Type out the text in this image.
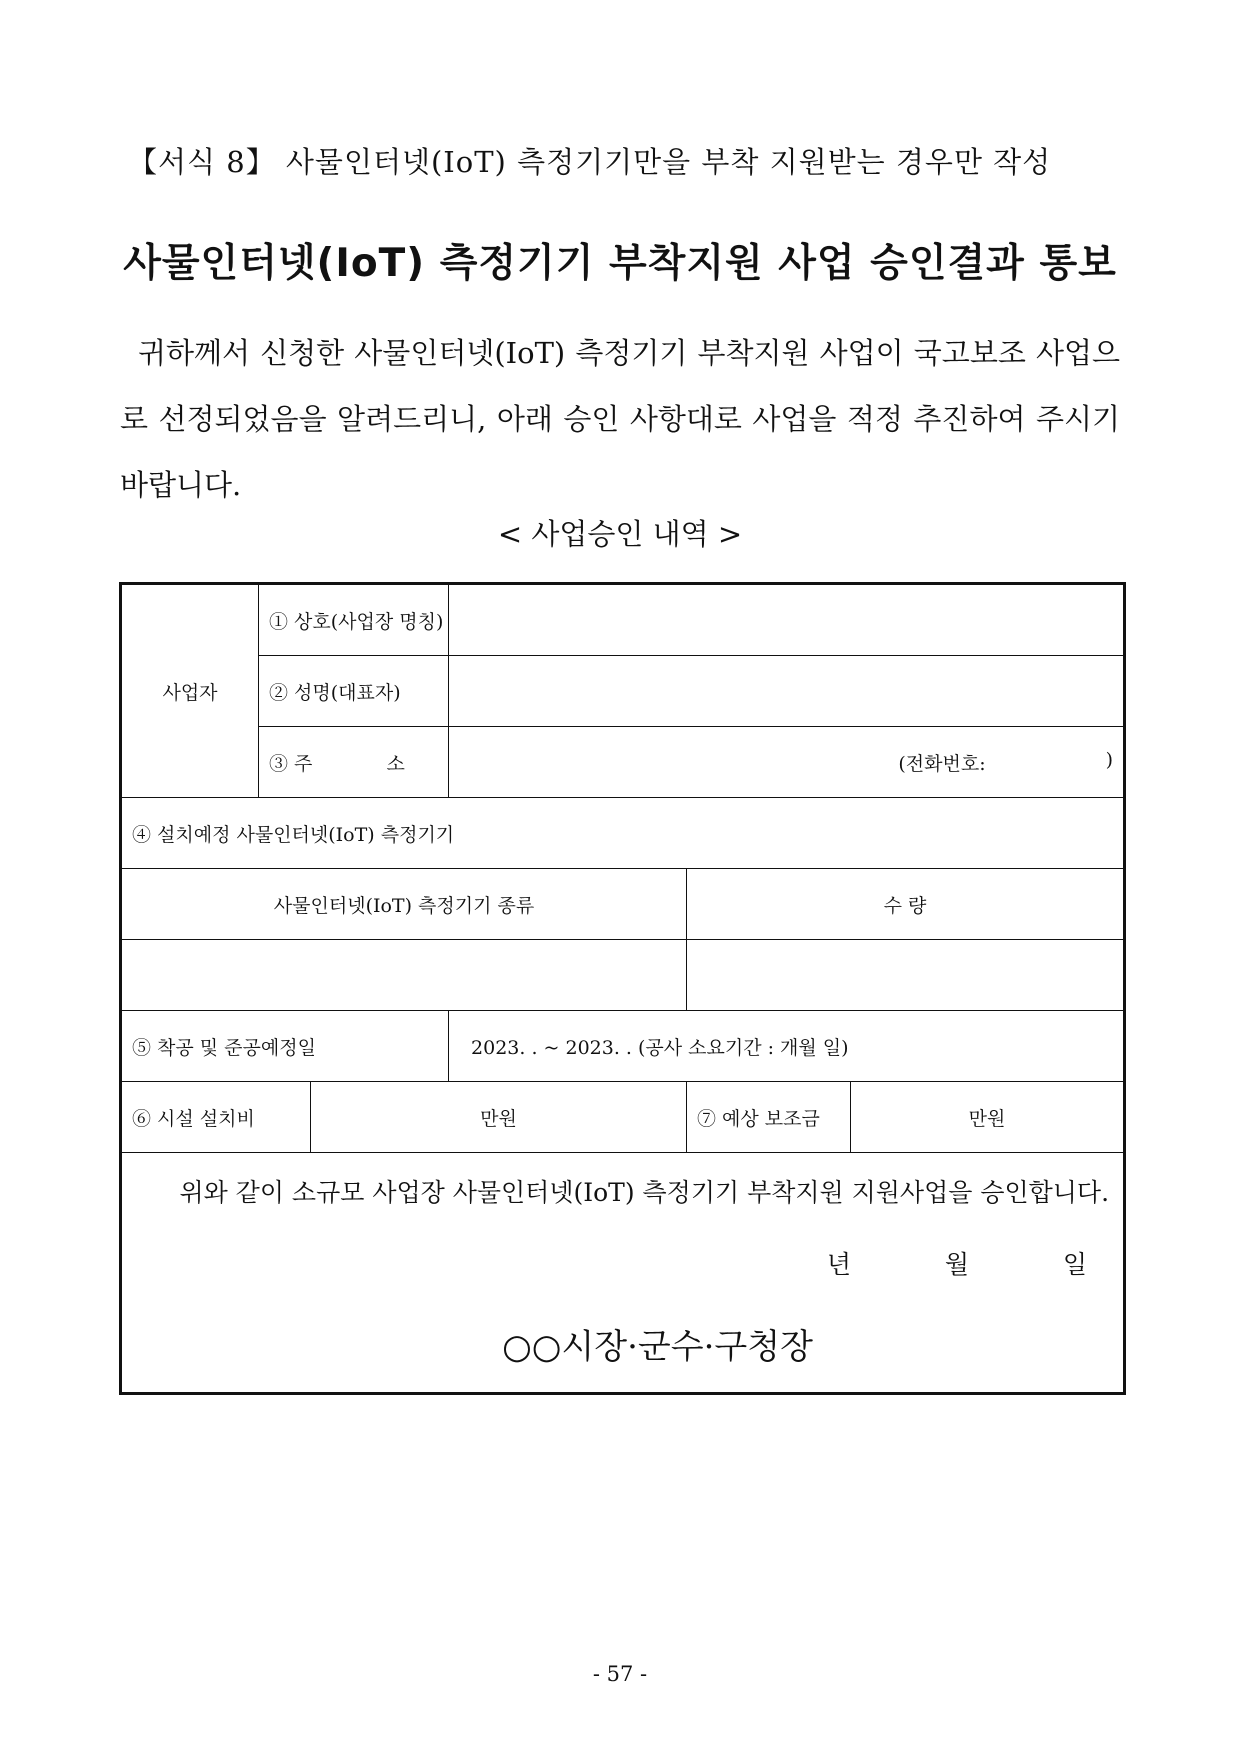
【서식 8】 사물인터넷(IoT) 측정기기만을 부착 지원받는 경우만 작성
사물인터넷(IoT) 측정기기 부착지원 사업 승인결과 통보

귀하께서 신청한 사물인터넷(IoT) 측정기기 부착지원 사업이 국고보조 사업으로 선정되었음을 알려드리니, 아래 승인 사항대로 사업을 적정 추진하여 주시기 바랍니다.

< 사업승인 내역 >
사업자	① 상호(사업장 명칭)				
	② 성명(대표자)				
	③ 주 소		(전화번호: )		

④ 설치예정 사물인터넷(IoT) 측정기기					
사물인터넷(IoT) 측정기기 종류				수 량	

⑤ 착공 및 준공예정일			2023. . ~ 2023. . (공사 소요기간 : 개월 일)		
⑥ 시설 설치비		만원		⑦ 예상 보조금	만원

위와 같이 소규모 사업장 사물인터넷(IoT) 측정기기 부착지원 지원사업을 승인합니다.
년 월 일
○○시장·군수·구청장					
- 57 -
